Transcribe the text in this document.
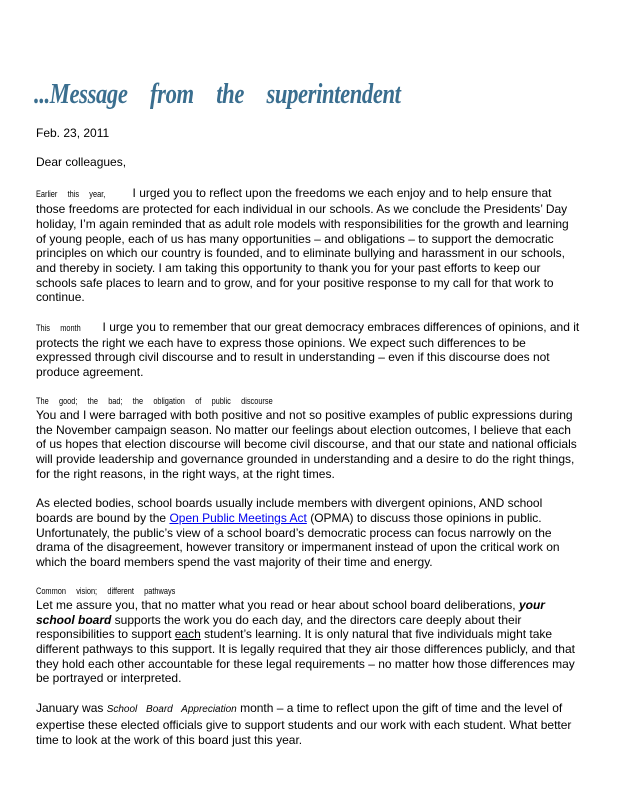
...Message from the superintendent

Feb. 23, 2011

Dear colleagues,

Earlier this year, I urged you to reflect upon the freedoms we each enjoy and to help ensure that those freedoms are protected for each individual in our schools. As we conclude the Presidents’ Day holiday, I’m again reminded that as adult role models with responsibilities for the growth and learning of young people, each of us has many opportunities – and obligations – to support the democratic principles on which our country is founded, and to eliminate bullying and harassment in our schools, and thereby in society. I am taking this opportunity to thank you for your past efforts to keep our schools safe places to learn and to grow, and for your positive response to my call for that work to continue.

This month I urge you to remember that our great democracy embraces differences of opinions, and it protects the right we each have to express those opinions. We expect such differences to be expressed through civil discourse and to result in understanding – even if this discourse does not produce agreement.

The good; the bad; the obligation of public discourse
You and I were barraged with both positive and not so positive examples of public expressions during the November campaign season. No matter our feelings about election outcomes, I believe that each of us hopes that election discourse will become civil discourse, and that our state and national officials will provide leadership and governance grounded in understanding and a desire to do the right things, for the right reasons, in the right ways, at the right times.

As elected bodies, school boards usually include members with divergent opinions, AND school boards are bound by the Open Public Meetings Act (OPMA) to discuss those opinions in public. Unfortunately, the public’s view of a school board’s democratic process can focus narrowly on the drama of the disagreement, however transitory or impermanent instead of upon the critical work on which the board members spend the vast majority of their time and energy.

Common vision; different pathways
Let me assure you, that no matter what you read or hear about school board deliberations, your school board supports the work you do each day, and the directors care deeply about their responsibilities to support each student’s learning. It is only natural that five individuals might take different pathways to this support. It is legally required that they air those differences publicly, and that they hold each other accountable for these legal requirements – no matter how those differences may be portrayed or interpreted.

January was School Board Appreciation month – a time to reflect upon the gift of time and the level of expertise these elected officials give to support students and our work with each student. What better time to look at the work of this board just this year.
